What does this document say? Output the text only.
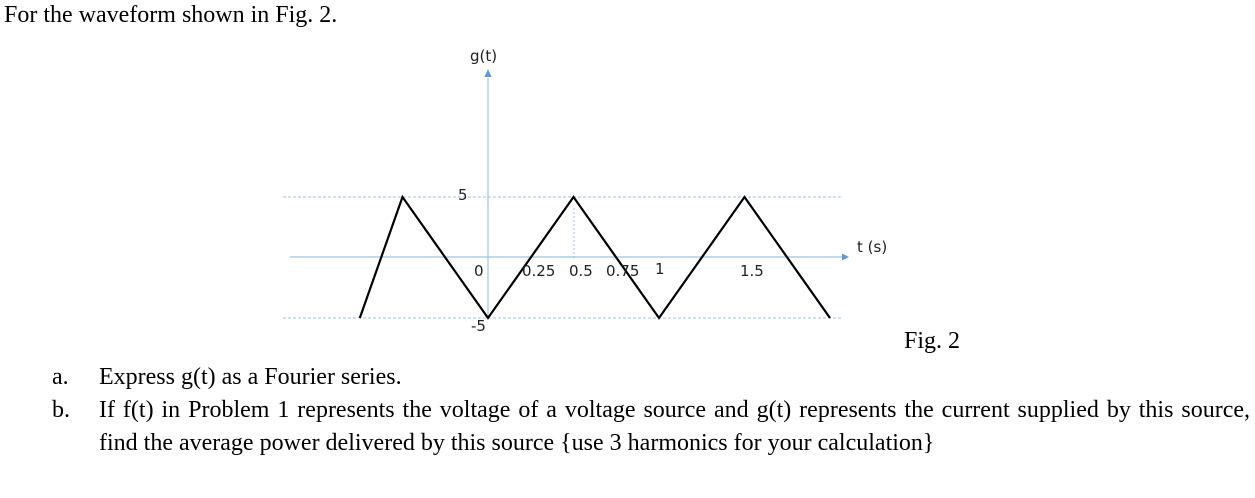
For the waveform shown in Fig. 2.

g(t)
t (s)
5
0
-5
0.25 0.5 0.75 1	1.5
Fig. 2
a.	Express g(t) as a Fourier series.
b.	If f(t) in Problem 1 represents the voltage of a voltage source and g(t) represents the current supplied by this source, find the average power delivered by this source {use 3 harmonics for your calculation}
